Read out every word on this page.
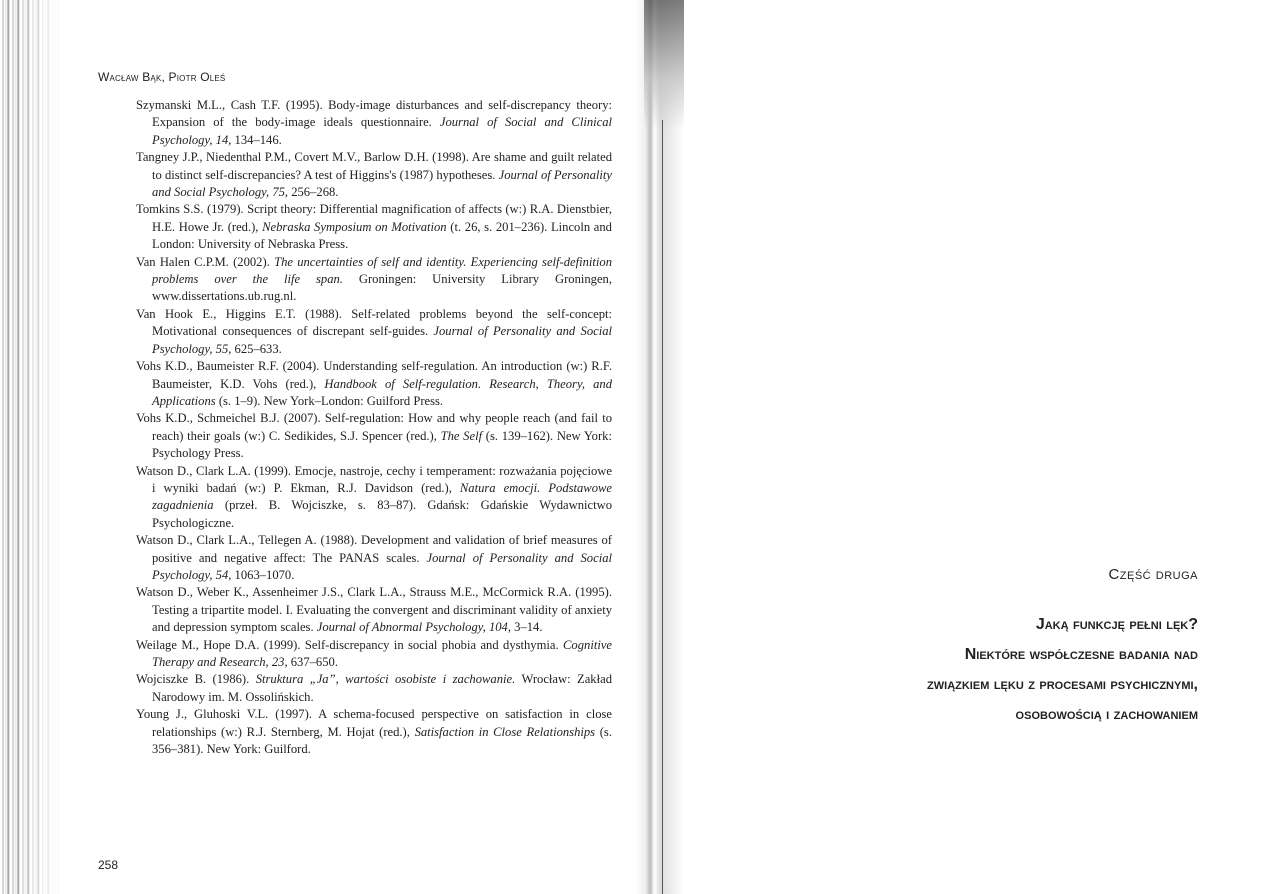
Wacław Bąk, Piotr Oleś
Szymanski M.L., Cash T.F. (1995). Body-image disturbances and self-discrepancy theory: Expansion of the body-image ideals questionnaire. Journal of Social and Clinical Psychology, 14, 134–146.
Tangney J.P., Niedenthal P.M., Covert M.V., Barlow D.H. (1998). Are shame and guilt related to distinct self-discrepancies? A test of Higgins's (1987) hypotheses. Journal of Personality and Social Psychology, 75, 256–268.
Tomkins S.S. (1979). Script theory: Differential magnification of affects (w:) R.A. Dienstbier, H.E. Howe Jr. (red.), Nebraska Symposium on Motivation (t. 26, s. 201–236). Lincoln and London: University of Nebraska Press.
Van Halen C.P.M. (2002). The uncertainties of self and identity. Experiencing self-definition problems over the life span. Groningen: University Library Groningen, www.dissertations.ub.rug.nl.
Van Hook E., Higgins E.T. (1988). Self-related problems beyond the self-concept: Motivational consequences of discrepant self-guides. Journal of Personality and Social Psychology, 55, 625–633.
Vohs K.D., Baumeister R.F. (2004). Understanding self-regulation. An introduction (w:) R.F. Baumeister, K.D. Vohs (red.), Handbook of Self-regulation. Research, Theory, and Applications (s. 1–9). New York–London: Guilford Press.
Vohs K.D., Schmeichel B.J. (2007). Self-regulation: How and why people reach (and fail to reach) their goals (w:) C. Sedikides, S.J. Spencer (red.), The Self (s. 139–162). New York: Psychology Press.
Watson D., Clark L.A. (1999). Emocje, nastroje, cechy i temperament: rozważania pojęciowe i wyniki badań (w:) P. Ekman, R.J. Davidson (red.), Natura emocji. Podstawowe zagadnienia (przeł. B. Wojciszke, s. 83–87). Gdańsk: Gdańskie Wydawnictwo Psychologiczne.
Watson D., Clark L.A., Tellegen A. (1988). Development and validation of brief measures of positive and negative affect: The PANAS scales. Journal of Personality and Social Psychology, 54, 1063–1070.
Watson D., Weber K., Assenheimer J.S., Clark L.A., Strauss M.E., McCormick R.A. (1995). Testing a tripartite model. I. Evaluating the convergent and discriminant validity of anxiety and depression symptom scales. Journal of Abnormal Psychology, 104, 3–14.
Weilage M., Hope D.A. (1999). Self-discrepancy in social phobia and dysthymia. Cognitive Therapy and Research, 23, 637–650.
Wojciszke B. (1986). Struktura „Ja”, wartości osobiste i zachowanie. Wrocław: Zakład Narodowy im. M. Ossolińskich.
Young J., Gluhoski V.L. (1997). A schema-focused perspective on satisfaction in close relationships (w:) R.J. Sternberg, M. Hojat (red.), Satisfaction in Close Relationships (s. 356–381). New York: Guilford.
258
Część druga
Jaką funkcję pełni lęk?
Niektóre współczesne badania nad
związkiem lęku z procesami psychicznymi,
osobowością i zachowaniem
